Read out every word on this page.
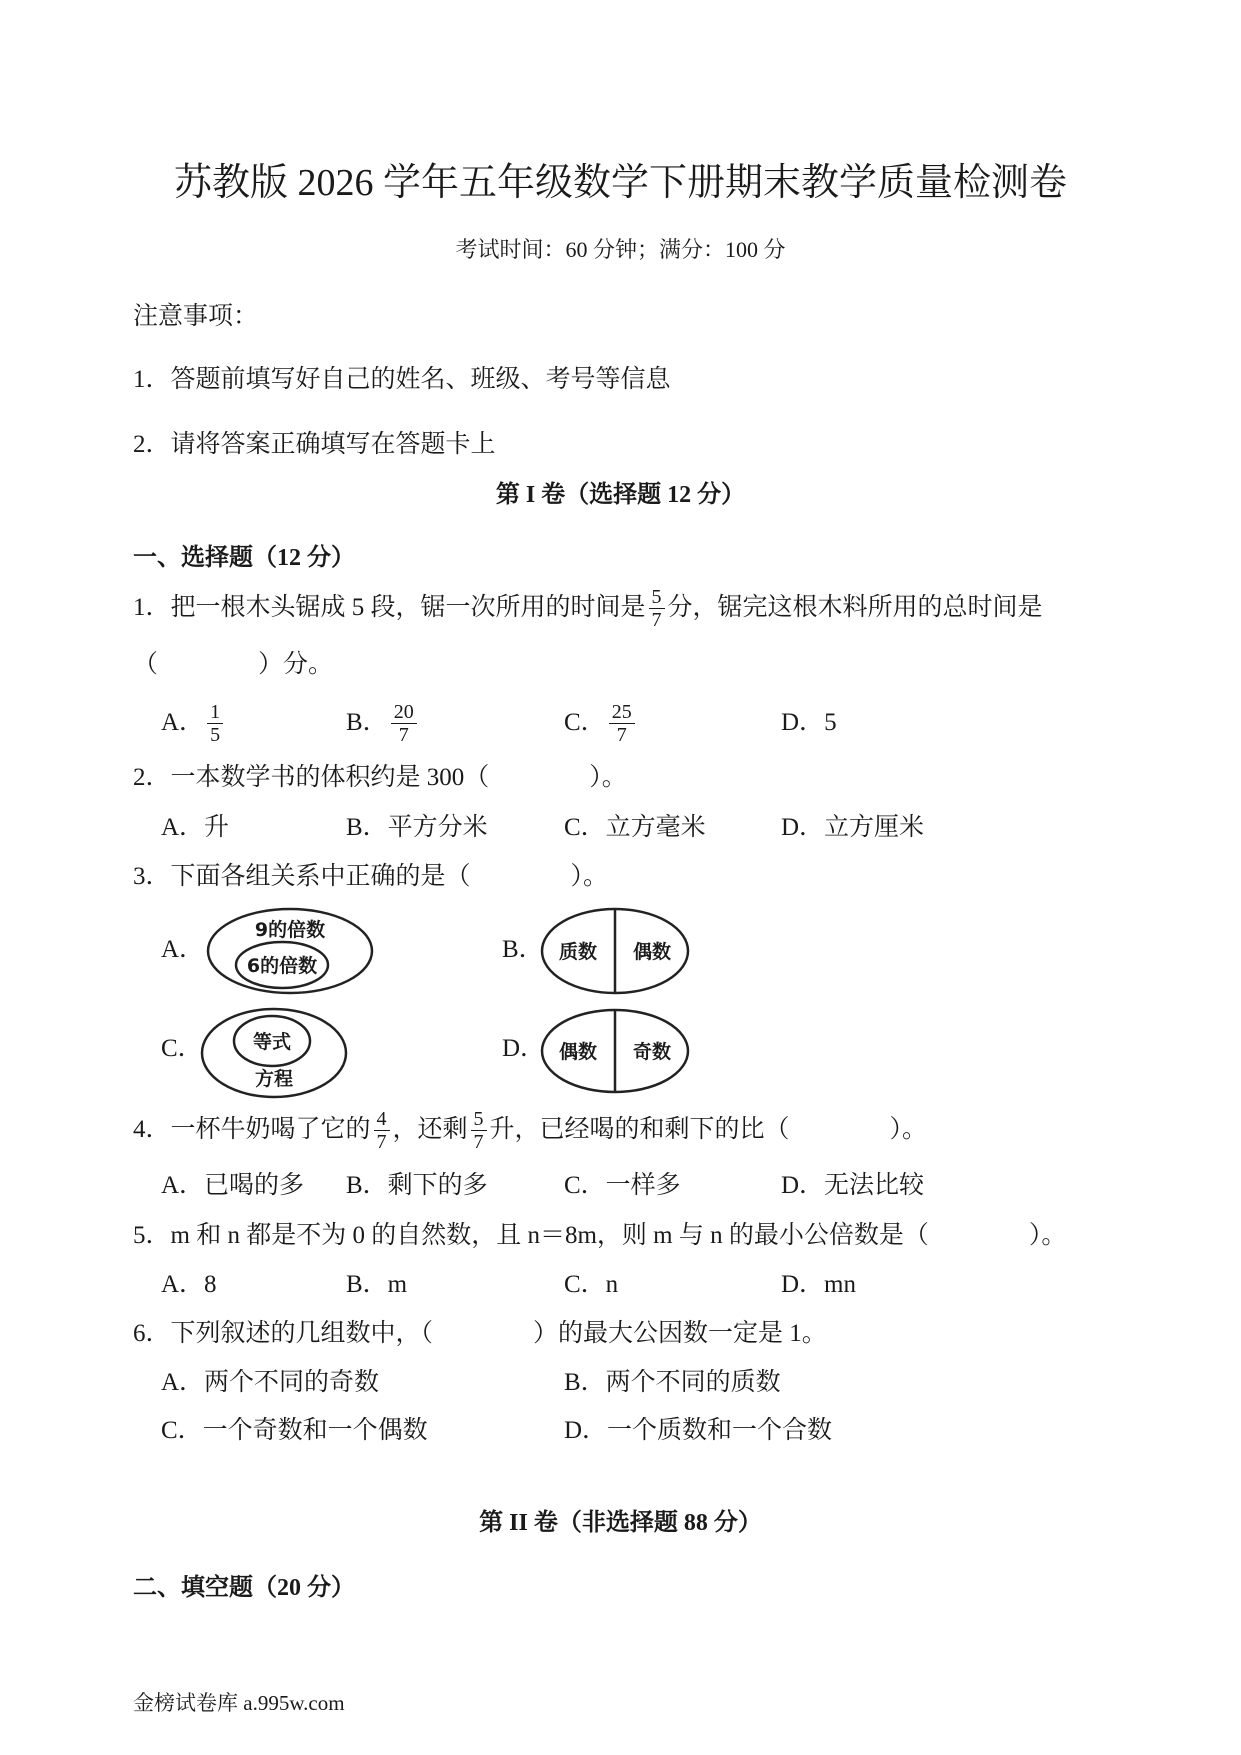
苏教版 2026 学年五年级数学下册期末教学质量检测卷
考试时间：60 分钟；满分：100 分
注意事项：
1．答题前填写好自己的姓名、班级、考号等信息
2．请将答案正确填写在答题卡上
第 I 卷（选择题 12 分）
一、选择题（12 分）
1．把一根木头锯成 5 段，锯一次所用的时间是 $\frac{5}{7}$ 分，锯完这根木料所用的总时间是
（　　　　）分。
A． $\frac{1}{5}$	B． $\frac{20}{7}$	C． $\frac{25}{7}$	D． 5
2．一本数学书的体积约是 300（　　　　）。
A．升	B．平方分米	C．立方毫米	D．立方厘米
3．下面各组关系中正确的是（　　　　）。
A．
9的倍数
6的倍数
B． 质数 偶数
C．	等式
方程
D． 偶数 奇数
4．一杯牛奶喝了它的 $\frac{4}{7}$ ，还剩 $\frac{5}{7}$ 升，已经喝的和剩下的比（　　　　）。
A．已喝的多 B．剩下的多	C．一样多	D．无法比较
5．m 和 n 都是不为 0 的自然数，且 n＝8m，则 m 与 n 的最小公倍数是（　　　　）。
A．8	B．m	C．n	D．mn
6．下列叙述的几组数中，（　　　　）的最大公因数一定是 1。
A．两个不同的奇数	B．两个不同的质数
C．一个奇数和一个偶数	D．一个质数和一个合数
第 II 卷（非选择题 88 分）
二、填空题（20 分）
金榜试卷库 a.995w.com
